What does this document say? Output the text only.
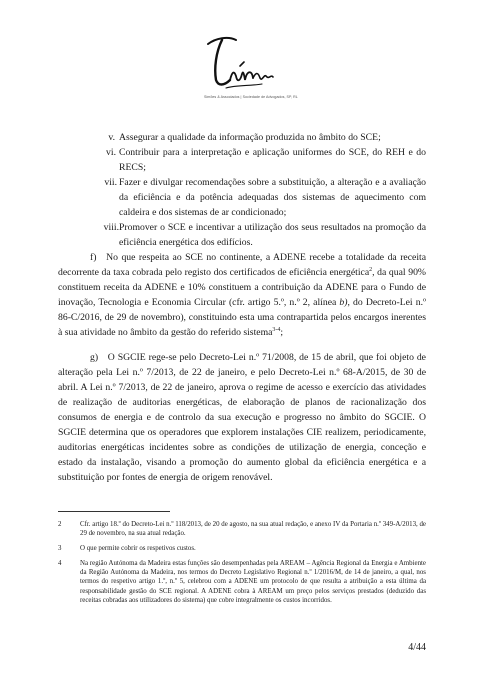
Simões & Associados | Sociedade de Advogados, SP, RL
v. Assegurar a qualidade da informação produzida no âmbito do SCE;
vi. Contribuir para a interpretação e aplicação uniformes do SCE, do REH e do RECS;
vii. Fazer e divulgar recomendações sobre a substituição, a alteração e a avaliação da eficiência e da potência adequadas dos sistemas de aquecimento com caldeira e dos sistemas de ar condicionado;
viii. Promover o SCE e incentivar a utilização dos seus resultados na promoção da eficiência energética dos edifícios.
f) No que respeita ao SCE no continente, a ADENE recebe a totalidade da receita decorrente da taxa cobrada pelo registo dos certificados de eficiência energética$^2$, da qual 90% constituem receita da ADENE e 10% constituem a contribuição da ADENE para o Fundo de inovação, Tecnologia e Economia Circular (cfr. artigo 5.º, n.º 2, alínea b), do Decreto-Lei n.º 86-C/2016, de 29 de novembro), constituindo esta uma contrapartida pelos encargos inerentes à sua atividade no âmbito da gestão do referido sistema$^{3-4}$;
g) O SGCIE rege-se pelo Decreto-Lei n.º 71/2008, de 15 de abril, que foi objeto de alteração pela Lei n.º 7/2013, de 22 de janeiro, e pelo Decreto-Lei n.º 68-A/2015, de 30 de abril. A Lei n.º 7/2013, de 22 de janeiro, aprova o regime de acesso e exercício das atividades de realização de auditorias energéticas, de elaboração de planos de racionalização dos consumos de energia e de controlo da sua execução e progresso no âmbito do SGCIE. O SGCIE determina que os operadores que explorem instalações CIE realizem, periodicamente, auditorias energéticas incidentes sobre as condições de utilização de energia, conceção e estado da instalação, visando a promoção do aumento global da eficiência energética e a substituição por fontes de energia de origem renovável.
2	Cfr. artigo 18.º do Decreto-Lei n.º 118/2013, de 20 de agosto, na sua atual redação, e anexo IV da Portaria n.º 349-A/2013, de 29 de novembro, na sua atual redação.
3	O que permite cobrir os respetivos custos.
4	Na região Autónoma da Madeira estas funções são desempenhadas pela AREAM – Agência Regional da Energia e Ambiente da Região Autónoma da Madeira, nos termos do Decreto Legislativo Regional n.º 1/2016/M, de 14 de janeiro, a qual, nos termos do respetivo artigo 1.º, n.º 5, celebrou com a ADENE um protocolo de que resulta a atribuição a esta última da responsabilidade gestão do SCE regional. A ADENE cobra à AREAM um preço pelos serviços prestados (deduzido das receitas cobradas aos utilizadores do sistema) que cobre integralmente os custos incorridos.
4/44
